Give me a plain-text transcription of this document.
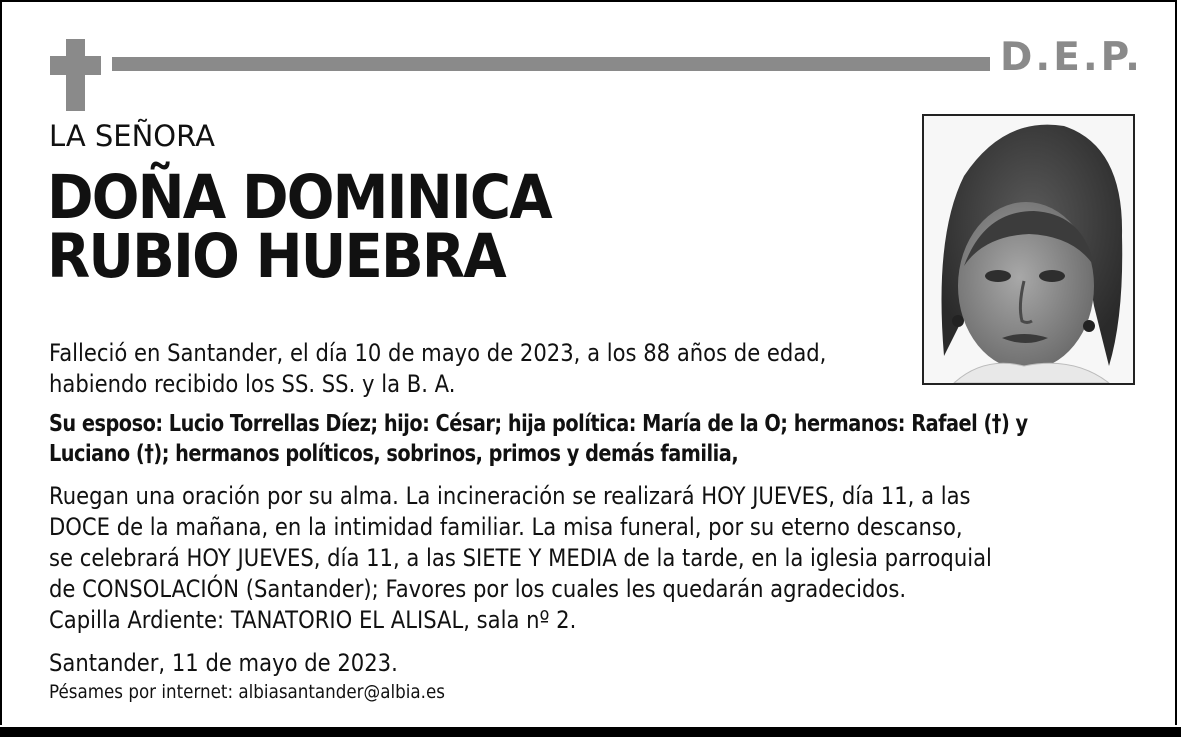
D.E.P.
LA SEÑORA
DOÑA DOMINICA
RUBIO HUEBRA
Falleció en Santander, el día 10 de mayo de 2023, a los 88 años de edad,
habiendo recibido los SS. SS. y la B. A.
Su esposo: Lucio Torrellas Díez; hijo: César; hija política: María de la O; hermanos: Rafael (†) y
Luciano (†); hermanos políticos, sobrinos, primos y demás familia,
Ruegan una oración por su alma. La incineración se realizará HOY JUEVES, día 11, a las
DOCE de la mañana, en la intimidad familiar. La misa funeral, por su eterno descanso,
se celebrará HOY JUEVES, día 11, a las SIETE Y MEDIA de la tarde, en la iglesia parroquial
de CONSOLACIÓN (Santander); Favores por los cuales les quedarán agradecidos.
Capilla Ardiente: TANATORIO EL ALISAL, sala nº 2.
Santander, 11 de mayo de 2023.
Pésames por internet: albiasantander@albia.es
